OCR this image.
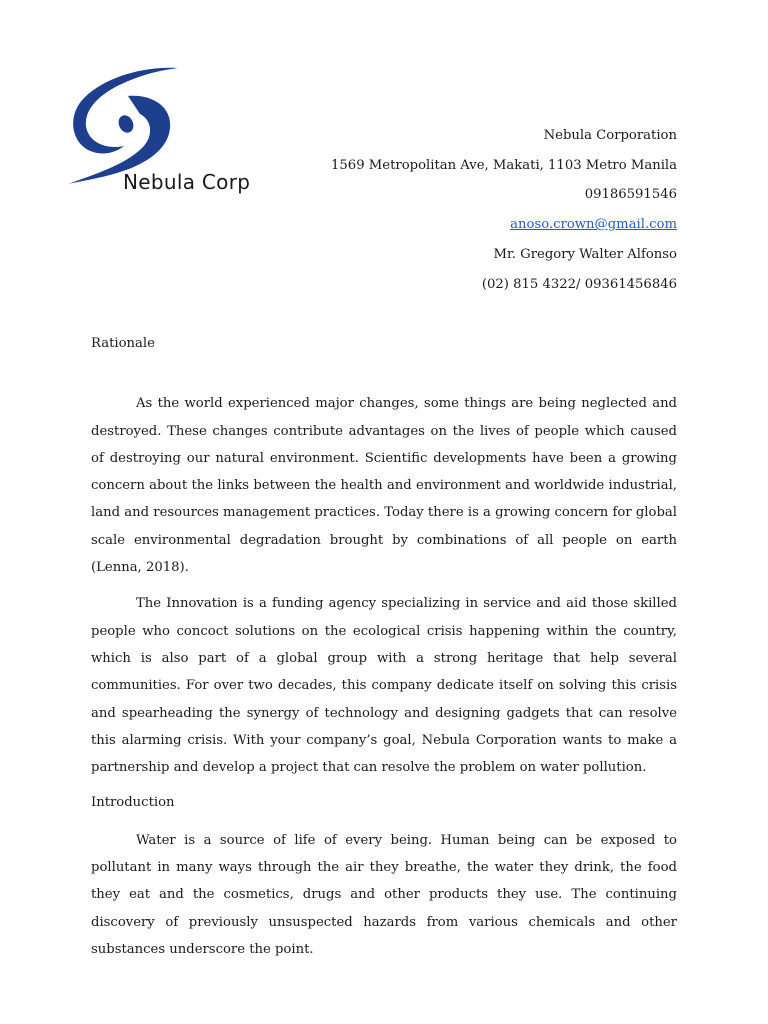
Nebula Corp
Nebula Corporation
1569 Metropolitan Ave, Makati, 1103 Metro Manila
09186591546
anoso.crown@gmail.com
Mr. Gregory Walter Alfonso
(02) 815 4322/ 09361456846

Rationale

As the world experienced major changes, some things are being neglected and destroyed. These changes contribute advantages on the lives of people which caused of destroying our natural environment. Scientific developments have been a growing concern about the links between the health and environment and worldwide industrial, land and resources management practices. Today there is a growing concern for global scale environmental degradation brought by combinations of all people on earth (Lenna, 2018).

The Innovation is a funding agency specializing in service and aid those skilled people who concoct solutions on the ecological crisis happening within the country, which is also part of a global group with a strong heritage that help several communities. For over two decades, this company dedicate itself on solving this crisis and spearheading the synergy of technology and designing gadgets that can resolve this alarming crisis. With your company’s goal, Nebula Corporation wants to make a partnership and develop a project that can resolve the problem on water pollution.

Introduction

Water is a source of life of every being. Human being can be exposed to pollutant in many ways through the air they breathe, the water they drink, the food they eat and the cosmetics, drugs and other products they use. The continuing discovery of previously unsuspected hazards from various chemicals and other substances underscore the point.
